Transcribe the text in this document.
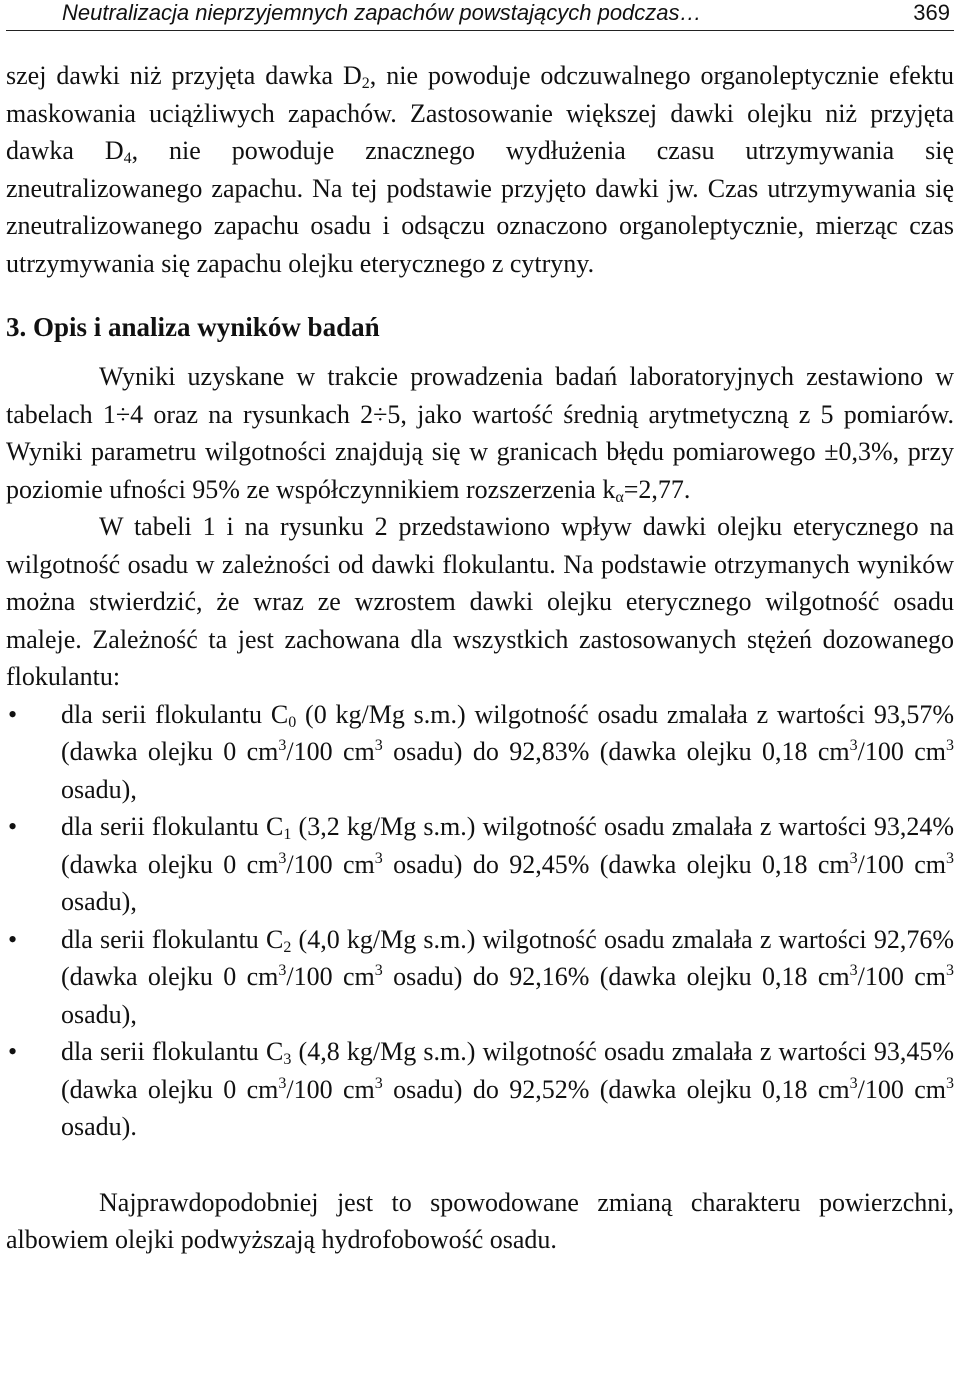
Neutralizacja nieprzyjemnych zapachów powstających podczas…	369

szej dawki niż przyjęta dawka $D_2$, nie powoduje odczuwalnego organoleptycznie efektu maskowania uciążliwych zapachów. Zastosowanie większej dawki olejku niż przyjęta dawka $D_4$, nie powoduje znacznego wydłużenia czasu utrzymywania się zneutralizowanego zapachu. Na tej podstawie przyjęto dawki jw. Czas utrzymywania się zneutralizowanego zapachu osadu i odsączu oznaczono organoleptycznie, mierząc czas utrzymywania się zapachu olejku eterycznego z cytryny.

3. Opis i analiza wyników badań

Wyniki uzyskane w trakcie prowadzenia badań laboratoryjnych zestawiono w tabelach 1÷4 oraz na rysunkach 2÷5, jako wartość średnią arytmetyczną z 5 pomiarów. Wyniki parametru wilgotności znajdują się w granicach błędu pomiarowego ±0,3%, przy poziomie ufności 95% ze współczynnikiem rozszerzenia $k_\alpha=2,77$.

W tabeli 1 i na rysunku 2 przedstawiono wpływ dawki olejku eterycznego na wilgotność osadu w zależności od dawki flokulantu. Na podstawie otrzymanych wyników można stwierdzić, że wraz ze wzrostem dawki olejku eterycznego wilgotność osadu maleje. Zależność ta jest zachowana dla wszystkich zastosowanych stężeń dozowanego flokulantu:

• dla serii flokulantu $C_0$ (0 kg/Mg s.m.) wilgotność osadu zmalała z wartości 93,57% (dawka olejku 0 $cm^3/100$ $cm^3$ osadu) do 92,83% (dawka olejku 0,18 $cm^3/100$ $cm^3$ osadu),
• dla serii flokulantu $C_1$ (3,2 kg/Mg s.m.) wilgotność osadu zmalała z wartości 93,24% (dawka olejku 0 $cm^3/100$ $cm^3$ osadu) do 92,45% (dawka olejku 0,18 $cm^3/100$ $cm^3$ osadu),
• dla serii flokulantu $C_2$ (4,0 kg/Mg s.m.) wilgotność osadu zmalała z wartości 92,76% (dawka olejku 0 $cm^3/100$ $cm^3$ osadu) do 92,16% (dawka olejku 0,18 $cm^3/100$ $cm^3$ osadu),
• dla serii flokulantu $C_3$ (4,8 kg/Mg s.m.) wilgotność osadu zmalała z wartości 93,45% (dawka olejku 0 $cm^3/100$ $cm^3$ osadu) do 92,52% (dawka olejku 0,18 $cm^3/100$ $cm^3$ osadu).

Najprawdopodobniej jest to spowodowane zmianą charakteru powierzchni, albowiem olejki podwyższają hydrofobowość osadu.
